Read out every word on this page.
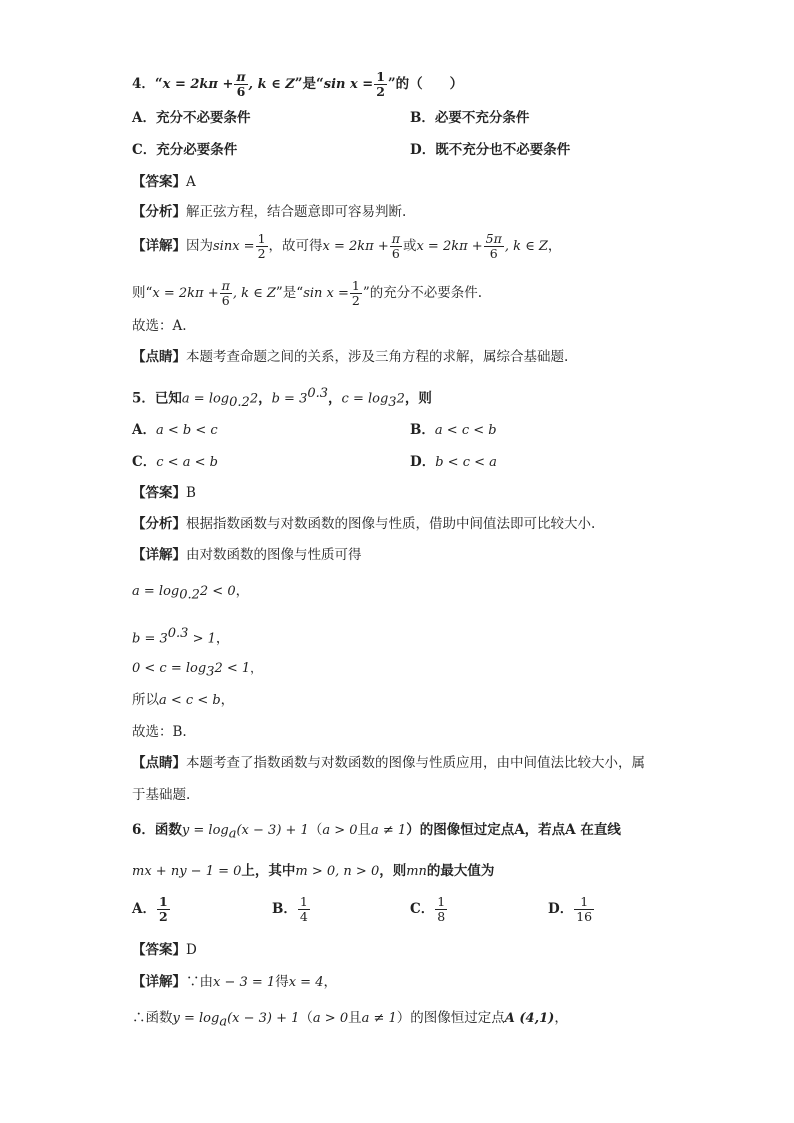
4．“$x = 2k\pi + \frac{\pi}{6}$ , k ∈ Z”是“sin $x = \frac{1}{2}$ ”的（　　）
A．充分不必要条件	B．必要不充分条件
C．充分必要条件	D．既不充分也不必要条件
【答案】A
【分析】解正弦方程，结合题意即可容易判断.
【详解】因为$\sin x = \frac{1}{2}$ ，故可得$x = 2k\pi + \frac{\pi}{6}$ 或$x = 2k\pi + \frac{5\pi}{6}$ , k ∈ Z，
则“$x = 2k\pi + \frac{\pi}{6}$ , k ∈ Z”是“sin $x = \frac{1}{2}$ ”的充分不必要条件.
故选：A.
【点睛】本题考查命题之间的关系，涉及三角方程的求解，属综合基础题.
5．已知$a = \log_{0.2}2$，$b = 3^{0.3}$，$c = \log_32$，则
A．a < b < c	B．a < c < b
C．c < a < b	D．b < c < a
【答案】B
【分析】根据指数函数与对数函数的图像与性质，借助中间值法即可比较大小.
【详解】由对数函数的图像与性质可得
$a = \log_{0.2}2 < 0$，
$b = 3^{0.3} > 1$，
$0 < c = \log_32 < 1$，
所以a < c < b，
故选：B.
【点睛】本题考查了指数函数与对数函数的图像与性质应用，由中间值法比较大小，属
于基础题.
6．函数$y = \log_a(x - 3) + 1(a > 0$且a ≠ 1）的图像恒过定点A，若点A 在直线
mx + ny − 1 = 0上，其中m > 0, n > 0，则mn的最大值为
A． $\frac{1}{2}$	B． $\frac{1}{4}$	C． $\frac{1}{8}$	D． $\frac{1}{16}$
【答案】D
【详解】∵由x − 3 = 1得x = 4，
∴函数$y = \log_a(x - 3) + 1(a > 0$且a ≠ 1）的图像恒过定点A (4,1)，
